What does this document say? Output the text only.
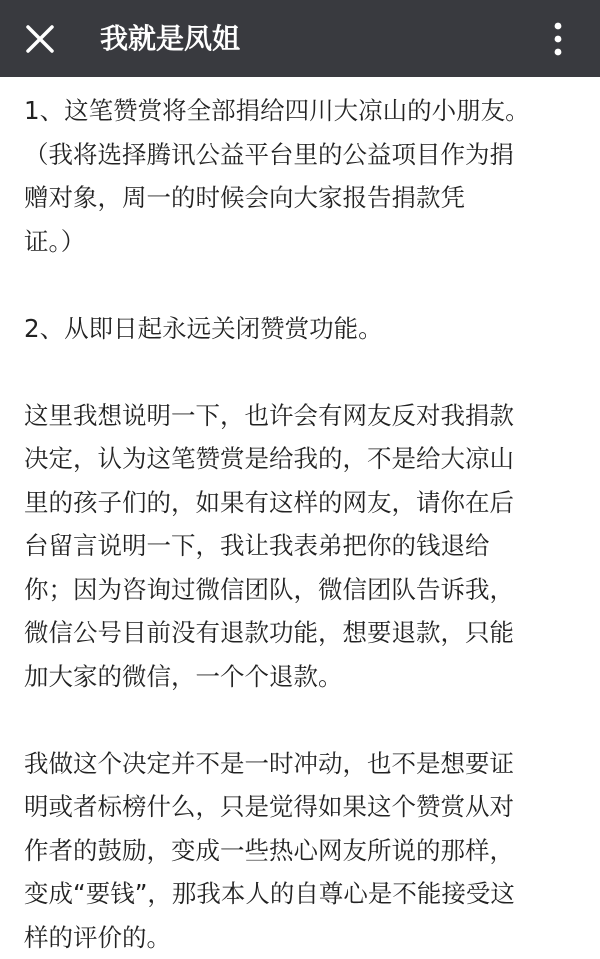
我就是凤姐
1、这笔赞赏将全部捐给四川大凉山的小朋友。
（我将选择腾讯公益平台里的公益项目作为捐
赠对象，周一的时候会向大家报告捐款凭
证。）
2、从即日起永远关闭赞赏功能。
这里我想说明一下，也许会有网友反对我捐款
决定，认为这笔赞赏是给我的，不是给大凉山
里的孩子们的，如果有这样的网友，请你在后
台留言说明一下，我让我表弟把你的钱退给
你；因为咨询过微信团队，微信团队告诉我，
微信公号目前没有退款功能，想要退款，只能
加大家的微信，一个个退款。
我做这个决定并不是一时冲动，也不是想要证
明或者标榜什么，只是觉得如果这个赞赏从对
作者的鼓励，变成一些热心网友所说的那样，
变成“要钱”，那我本人的自尊心是不能接受这
样的评价的。
